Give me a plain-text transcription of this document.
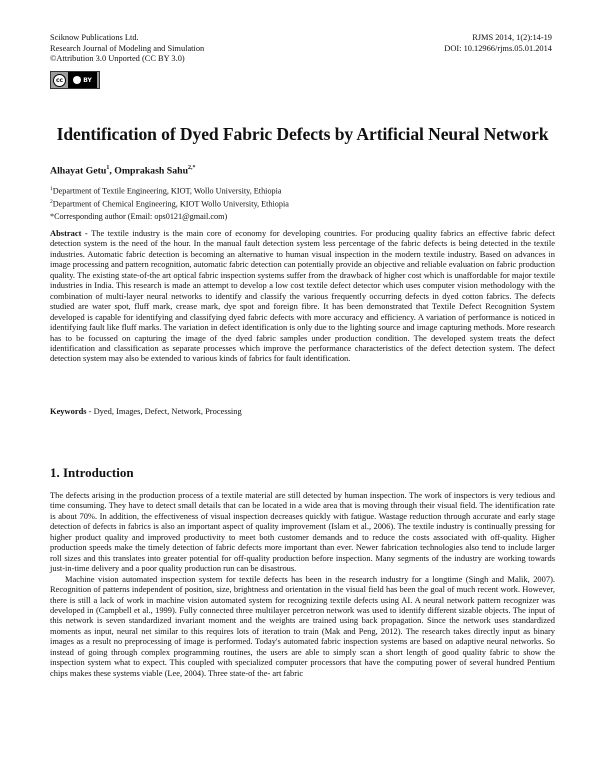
Sciknow Publications Ltd.
Research Journal of Modeling and Simulation
©Attribution 3.0 Unported (CC BY 3.0)
RJMS 2014, 1(2):14-19
DOI: 10.12966/rjms.05.01.2014
cc	BY
Identification of Dyed Fabric Defects by Artificial Neural Network
Alhayat Getu$^1$, Omprakash Sahu$^{2,*}$
$^1$Department of Textile Engineering, KIOT, Wollo University, Ethiopia
$^2$Department of Chemical Engineering, KIOT Wollo University, Ethiopia
*Corresponding author (Email: ops0121@gmail.com)
Abstract - The textile industry is the main core of economy for developing countries. For producing quality fabrics an effective fabric defect detection system is the need of the hour. In the manual fault detection system less percentage of the fabric defects is being detected in the textile industries. Automatic fabric detection is becoming an alternative to human visual inspection in the modern textile industry. Based on advances in image processing and pattern recognition, automatic fabric detection can potentially provide an objective and reliable evaluation on fabric production quality. The existing state-of-the art optical fabric inspection systems suffer from the drawback of higher cost which is unaffordable for major textile industries in India. This research is made an attempt to develop a low cost textile defect detector which uses computer vision methodology with the combination of multi-layer neural networks to identify and classify the various frequently occurring defects in dyed cotton fabrics. The defects studied are water spot, fluff mark, crease mark, dye spot and foreign fibre. It has been demonstrated that Textile Defect Recognition System developed is capable for identifying and classifying dyed fabric defects with more accuracy and efficiency. A variation of performance is noticed in identifying fault like fluff marks. The variation in defect identification is only due to the lighting source and image capturing methods. More research has to be focussed on capturing the image of the dyed fabric samples under production condition. The developed system treats the defect identification and classification as separate processes which improve the performance characteristics of the defect detection system. The defect detection system may also be extended to various kinds of fabrics for fault identification.
Keywords - Dyed, Images, Defect, Network, Processing
1. Introduction

The defects arising in the production process of a textile material are still detected by human inspection. The work of inspectors is very tedious and time consuming. They have to detect small details that can be located in a wide area that is moving through their visual field. The identification rate is about 70%. In addition, the effectiveness of visual inspection decreases quickly with fatigue. Wastage reduction through accurate and early stage detection of defects in fabrics is also an important aspect of quality improvement (Islam et al., 2006). The textile industry is continually pressing for higher product quality and improved productivity to meet both customer demands and to reduce the costs associated with off-quality. Higher production speeds make the timely detection of fabric defects more important than ever. Newer fabrication technologies also tend to include larger roll sizes and this translates into greater potential for off-quality production before inspection. Many segments of the industry are working towards just-in-time delivery and a poor quality production run can be disastrous.

Machine vision automated inspection system for textile defects has been in the research industry for a longtime (Singh and Malik, 2007). Recognition of patterns independent of position, size, brightness and orientation in the visual field has been the goal of much recent work. However, there is still a lack of work in machine vision automated system for recognizing textile defects using AI. A neural network pattern recognizer was developed in (Campbell et al., 1999). Fully connected three multilayer percetron network was used to identify different sizable objects. The input of this network is seven standardized invariant moment and the weights are trained using back propagation. Since the network uses standardized moments as input, neural net similar to this requires lots of iteration to train (Mak and Peng, 2012). The research takes directly input as binary images as a result no preprocessing of image is performed. Today's automated fabric inspection systems are based on adaptive neural networks. So instead of going through complex programming routines, the users are able to simply scan a short length of good quality fabric to show the inspection system what to expect. This coupled with specialized computer processors that have the computing power of several hundred Pentium chips makes these systems viable (Lee, 2004). Three state-of the- art fabric
